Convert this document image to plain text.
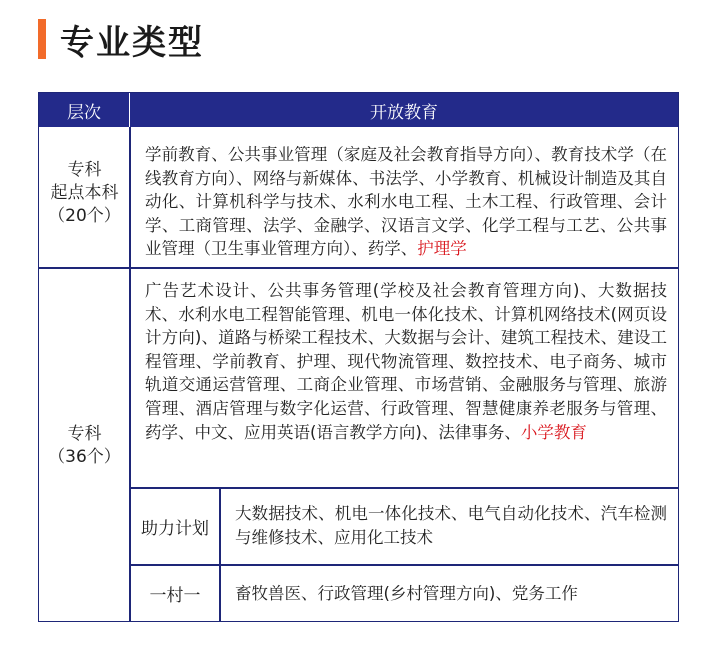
专业类型
层次	开放教育
专科
起点本科
（20个）
学前教育、公共事业管理（家庭及社会教育指导方向）、教育技术学（在线教育方向）、网络与新媒体、书法学、小学教育、机械设计制造及其自动化、计算机科学与技术、水利水电工程、土木工程、行政管理、会计学、工商管理、法学、金融学、汉语言文学、化学工程与工艺、公共事业管理（卫生事业管理方向）、药学、护理学
专科
（36个）
广告艺术设计、公共事务管理(学校及社会教育管理方向)、大数据技术、水利水电工程智能管理、机电一体化技术、计算机网络技术(网页设计方向)、道路与桥梁工程技术、大数据与会计、建筑工程技术、建设工程管理、学前教育、护理、现代物流管理、数控技术、电子商务、城市轨道交通运营管理、工商企业管理、市场营销、金融服务与管理、旅游管理、酒店管理与数字化运营、行政管理、智慧健康养老服务与管理、药学、中文、应用英语(语言教学方向)、法律事务、小学教育
助力计划
大数据技术、机电一体化技术、电气自动化技术、汽车检测与维修技术、应用化工技术
一村一	畜牧兽医、行政管理(乡村管理方向)、党务工作
